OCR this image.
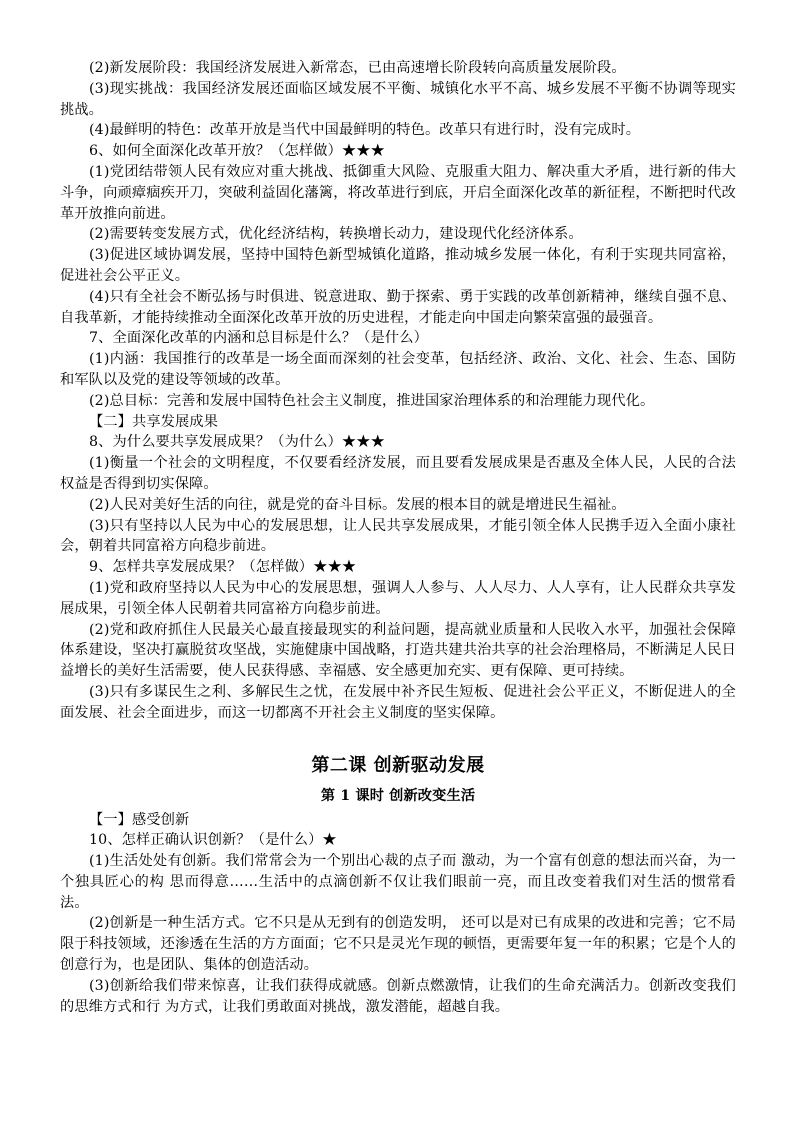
(2)新发展阶段：我国经济发展进入新常态，已由高速增长阶段转向高质量发展阶段。

(3)现实挑战：我国经济发展还面临区域发展不平衡、城镇化水平不高、城乡发展不平衡不协调等现实挑战。

(4)最鲜明的特色：改革开放是当代中国最鲜明的特色。改革只有进行时，没有完成时。

6、如何全面深化改革开放？（怎样做）★★★

(1)党团结带领人民有效应对重大挑战、抵御重大风险、克服重大阻力、解决重大矛盾，进行新的伟大斗争，向顽瘴痼疾开刀，突破利益固化藩篱，将改革进行到底，开启全面深化改革的新征程，不断把时代改革开放推向前进。

(2)需要转变发展方式，优化经济结构，转换增长动力，建设现代化经济体系。

(3)促进区域协调发展，坚持中国特色新型城镇化道路，推动城乡发展一体化，有利于实现共同富裕，促进社会公平正义。

(4)只有全社会不断弘扬与时俱进、锐意进取、勤于探索、勇于实践的改革创新精神，继续自强不息、自我革新，才能持续推动全面深化改革开放的历史进程，才能走向中国走向繁荣富强的最强音。

7、全面深化改革的内涵和总目标是什么？（是什么）

(1)内涵：我国推行的改革是一场全面而深刻的社会变革，包括经济、政治、文化、社会、生态、国防和军队以及党的建设等领域的改革。

(2)总目标：完善和发展中国特色社会主义制度，推进国家治理体系的和治理能力现代化。

【二】共享发展成果

8、为什么要共享发展成果？（为什么）★★★

(1)衡量一个社会的文明程度，不仅要看经济发展，而且要看发展成果是否惠及全体人民，人民的合法权益是否得到切实保障。

(2)人民对美好生活的向往，就是党的奋斗目标。发展的根本目的就是增进民生福祉。

(3)只有坚持以人民为中心的发展思想，让人民共享发展成果，才能引领全体人民携手迈入全面小康社会，朝着共同富裕方向稳步前进。

9、怎样共享发展成果？（怎样做）★★★

(1)党和政府坚持以人民为中心的发展思想，强调人人参与、人人尽力、人人享有，让人民群众共享发展成果，引领全体人民朝着共同富裕方向稳步前进。

(2)党和政府抓住人民最关心最直接最现实的利益问题，提高就业质量和人民收入水平，加强社会保障体系建设，坚决打赢脱贫攻坚战，实施健康中国战略，打造共建共治共享的社会治理格局，不断满足人民日益增长的美好生活需要，使人民获得感、幸福感、安全感更加充实、更有保障、更可持续。

(3)只有多谋民生之利、多解民生之忧，在发展中补齐民生短板、促进社会公平正义，不断促进人的全面发展、社会全面进步，而这一切都离不开社会主义制度的坚实保障。

第二课 创新驱动发展

第 1 课时 创新改变生活

【一】感受创新

10、怎样正确认识创新？（是什么）★

(1)生活处处有创新。我们常常会为一个别出心裁的点子而 激动，为一个富有创意的想法而兴奋，为一个独具匠心的构 思而得意……生活中的点滴创新不仅让我们眼前一亮，而且改变着我们对生活的惯常看法。

(2)创新是一种生活方式。它不只是从无到有的创造发明， 还可以是对已有成果的改进和完善；它不局限于科技领域，还渗透在生活的方方面面；它不只是灵光乍现的顿悟，更需要年复一年的积累；它是个人的创意行为，也是团队、集体的创造活动。

(3)创新给我们带来惊喜，让我们获得成就感。创新点燃激情，让我们的生命充满活力。创新改变我们的思维方式和行 为方式，让我们勇敢面对挑战，激发潜能，超越自我。
